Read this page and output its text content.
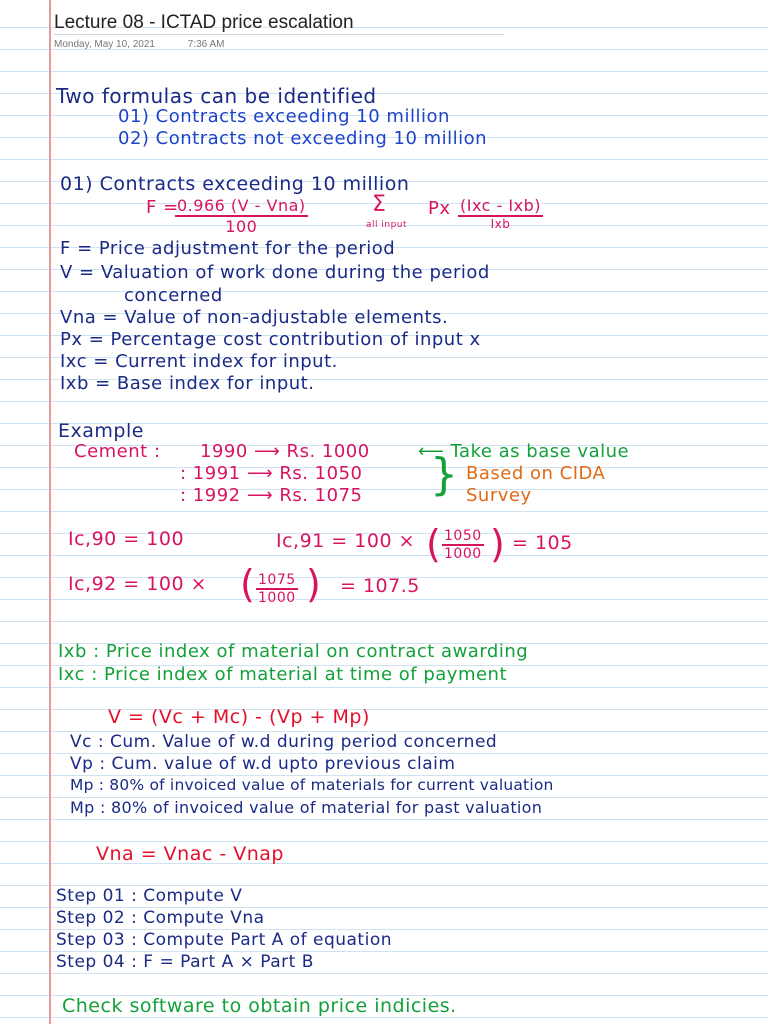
Lecture 08 - ICTAD price escalation
Monday, May 10, 2021	7:36 AM
Two formulas can be identified
01) Contracts exceeding 10 million
02) Contracts not exceeding 10 million
01) Contracts exceeding 10 million
F =
0.966 (V - Vna)
100
Σ
all input
Px (Ixc - Ixb)
Ixb
F = Price adjustment for the period
V = Valuation of work done during the period
concerned
Vna = Value of non-adjustable elements.
Px = Percentage cost contribution of input x
Ixc = Current index for input.
Ixb = Base index for input.
Example
Cement : 1990 ⟶ Rs. 1000
: 1991 ⟶ Rs. 1050
: 1992 ⟶ Rs. 1075
⟵ Take as base value
} Based on CIDA
Survey
Ic,90 = 100	Ic,91 = 100 × ( $\frac{1050}{1000}$ ) = 105
Ic,92 = 100 × ( $\frac{1075}{1000}$ ) = 107.5
Ixb : Price index of material on contract awarding
Ixc : Price index of material at time of payment
V = (Vc + Mc) - (Vp + Mp)
Vc : Cum. Value of w.d during period concerned
Vp : Cum. value of w.d upto previous claim
Mp : 80% of invoiced value of materials for current valuation
Mp : 80% of invoiced value of material for past valuation
Vna = Vnac - Vnap
Step 01 : Compute V
Step 02 : Compute Vna
Step 03 : Compute Part A of equation
Step 04 : F = Part A × Part B
Check software to obtain price indicies.
